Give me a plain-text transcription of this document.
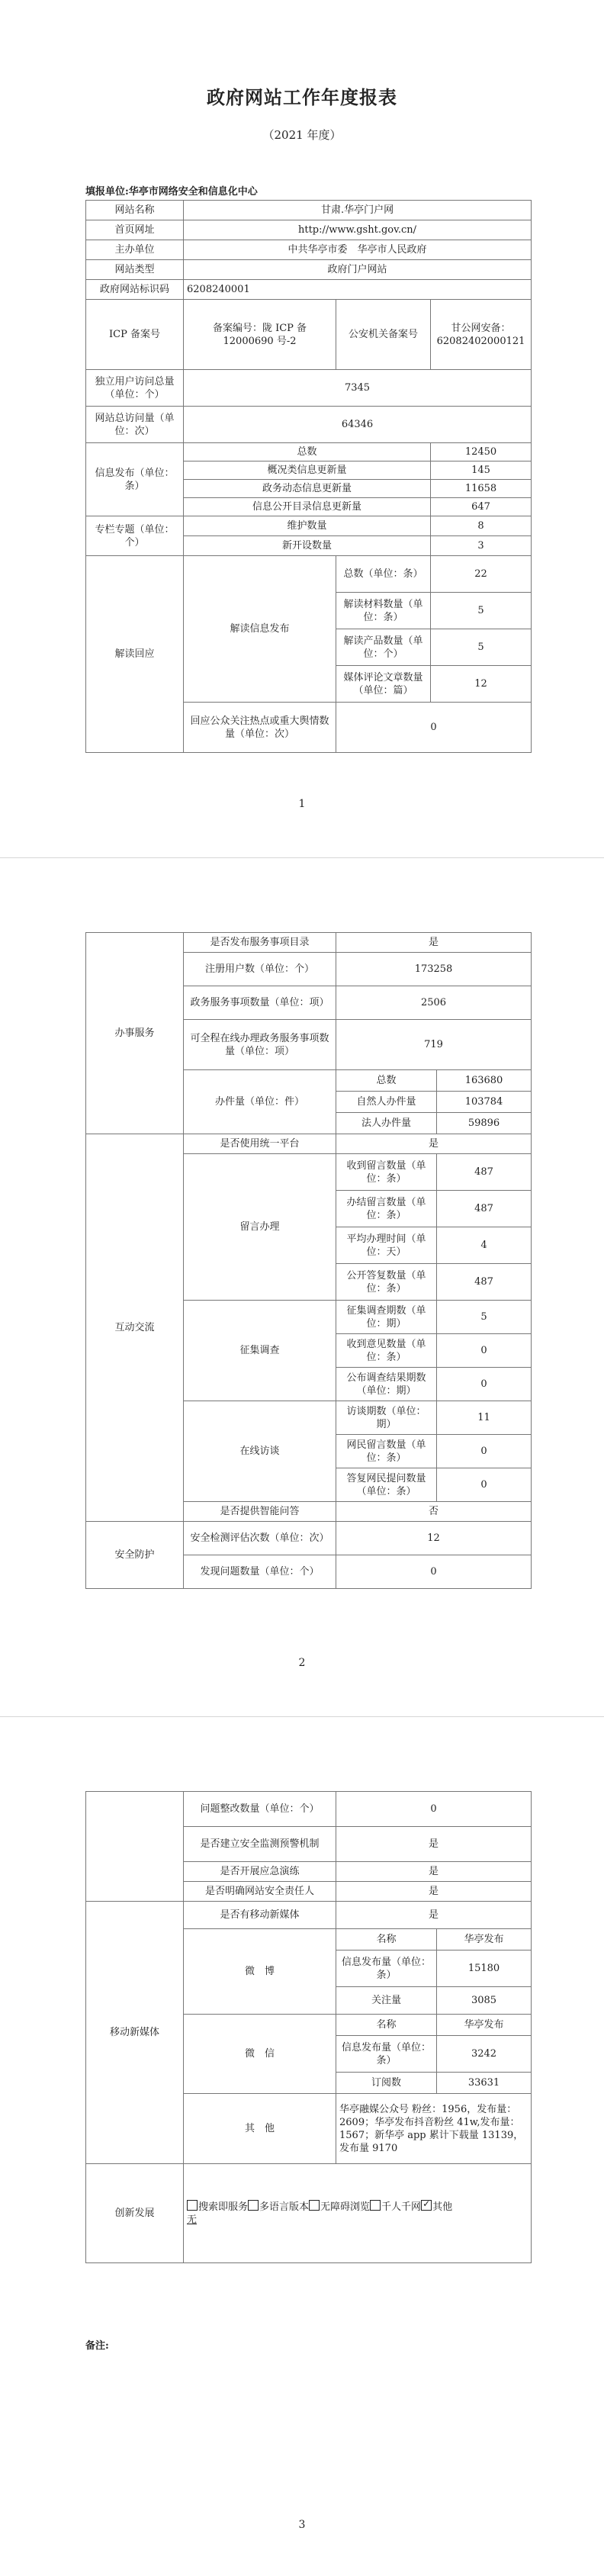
政府网站工作年度报表
（2021 年度）
填报单位:华亭市网络安全和信息化中心
网站名称	甘肃.华亭门户网		
首页网址	http://www.gsht.gov.cn/		
主办单位	中共华亭市委　华亭市人民政府		
网站类型	政府门户网站		
政府网站标识码	6208240001		
ICP 备案号	备案编号：陇 ICP 备 12000690 号-2	公安机关备案号	甘公网安备：62082402000121
独立用户访问总量（单位：个）	7345		
网站总访问量（单位：次）	64346		
信息发布（单位：条）	总数		12450
	概况类信息更新量		145
	政务动态信息更新量		11658
	信息公开目录信息更新量		647
专栏专题（单位：个）	维护数量		8
	新开设数量		3
解读回应	解读信息发布	总数（单位：条）	22
		解读材料数量（单位：条）	5
		解读产品数量（单位：个）	5
		媒体评论文章数量（单位：篇）	12
	回应公众关注热点或重大舆情数量（单位：次）	0	
1
办事服务	是否发布服务事项目录	是	
	注册用户数（单位：个）	173258	
	政务服务事项数量（单位：项）	2506	
	可全程在线办理政务服务事项数量（单位：项）	719	
	办件量（单位：件）	总数	163680
		自然人办件量	103784
		法人办件量	59896
互动交流	是否使用统一平台	是	
	留言办理	收到留言数量（单位：条）	487
		办结留言数量（单位：条）	487
		平均办理时间（单位：天）	4
		公开答复数量（单位：条）	487
	征集调查	征集调查期数（单位：期）	5
		收到意见数量（单位：条）	0
		公布调查结果期数（单位：期）	0
	在线访谈	访谈期数（单位：期）	11
		网民留言数量（单位：条）	0
		答复网民提问数量（单位：条）	0
	是否提供智能问答	否	
安全防护	安全检测评估次数（单位：次）	12	
	发现问题数量（单位：个）	0	
2
	问题整改数量（单位：个）	0	
	是否建立安全监测预警机制	是	
	是否开展应急演练	是	
	是否明确网站安全责任人	是	
移动新媒体	是否有移动新媒体	是	
	微　博	名称	华亭发布
		信息发布量（单位：条）	15180
		关注量	3085
	微　信	名称	华亭发布
		信息发布量（单位：条）	3242
		订阅数	33631
	其　他	华亭融媒公众号 粉丝：1956，发布量：2609；华亭发布抖音粉丝 41w,发布量：1567；新华亭 app 累计下载量 13139，发布量 9170	
创新发展	搜索即服务 多语言版本 无障碍浏览 千人千网 ✓ 其他
无
备注:
3
